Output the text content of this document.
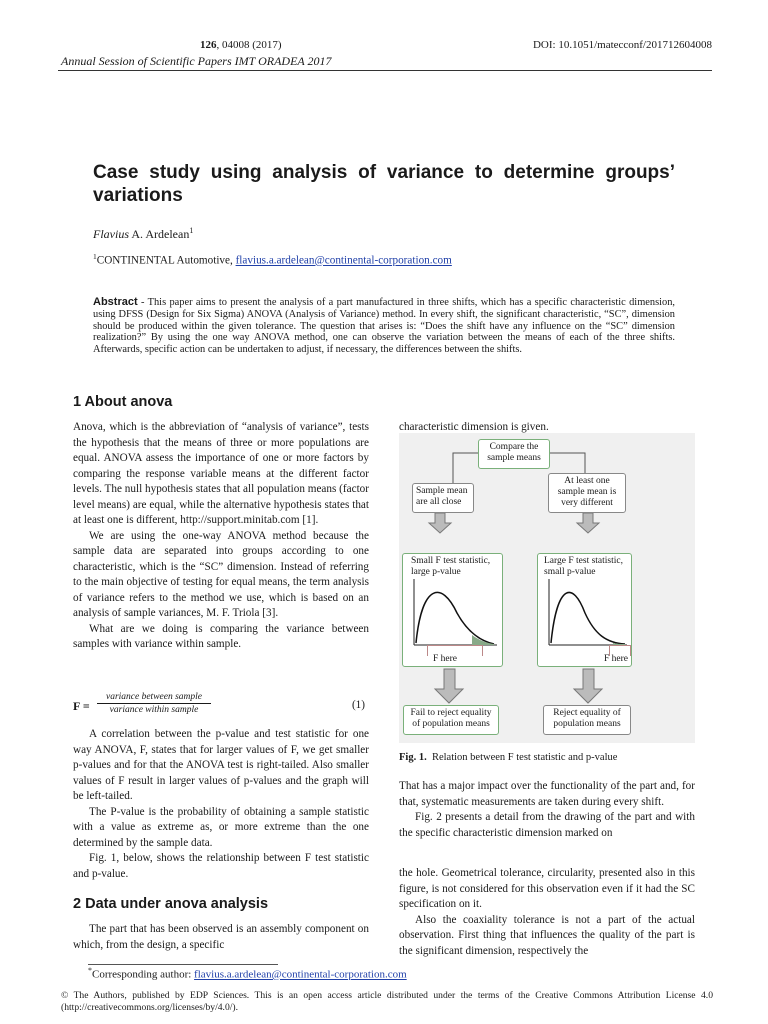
126, 04008 (2017)	DOI: 10.1051/matecconf/201712604008
Annual Session of Scientific Papers IMT ORADEA 2017
Case study using analysis of variance to determine groups’ variations
Flavius A. Ardelean$^1$
$^1$CONTINENTAL Automotive, flavius.a.ardelean@continental-corporation.com
Abstract - This paper aims to present the analysis of a part manufactured in three shifts, which has a specific characteristic dimension, using DFSS (Design for Six Sigma) ANOVA (Analysis of Variance) method. In every shift, the significant characteristic, “SC”, dimension should be produced within the given tolerance. The question that arises is: “Does the shift have any influence on the “SC” dimension realization?” By using the one way ANOVA method, one can observe the variation between the means of each of the three shifts. Afterwards, specific action can be undertaken to adjust, if necessary, the differences between the shifts.
1 About anova

Anova, which is the abbreviation of “analysis of variance”, tests the hypothesis that the means of three or more populations are equal. ANOVA assess the importance of one or more factors by comparing the response variable means at the different factor levels. The null hypothesis states that all population means (factor level means) are equal, while the alternative hypothesis states that at least one is different, http://support.minitab.com [1].

We are using the one-way ANOVA method because the sample data are separated into groups according to one characteristic, which is the “SC” dimension. Instead of referring to the main objective of testing for equal means, the term analysis of variance refers to the method we use, which is based on an analysis of sample variances, M. F. Triola [3].

What are we doing is comparing the variance between samples with variance within sample.

F =
variance between sample
variance within sample	(1)

A correlation between the p-value and test statistic for one way ANOVA, F, states that for larger values of F, we get smaller p-values and for that the ANOVA test is right-tailed. Also smaller values of F result in larger values of p-values and the graph will be left-tailed.

The P-value is the probability of obtaining a sample statistic with a value as extreme as, or more extreme than the one determined by the sample data.

Fig. 1, below, shows the relationship between F test statistic and p-value.

2 Data under anova analysis

The part that has been observed is an assembly component on which, from the design, a specific

characteristic dimension is given.
Compare the sample means
Sample mean are all close
At least one sample mean is very different
Small F test statistic, large p-value
F here
Large F test statistic, small p-value
F here
Fail to reject equality of population means
Reject equality of population means
Fig. 1. Relation between F test statistic and p-value

That has a major impact over the functionality of the part and, for that, systematic measurements are taken during every shift.

Fig. 2 presents a detail from the drawing of the part and with the specific characteristic dimension marked on

the hole. Geometrical tolerance, circularity, presented also in this figure, is not considered for this observation even if it had the SC specification on it.

Also the coaxiality tolerance is not a part of the actual observation. First thing that influences the quality of the part is the significant dimension, respectively the

*Corresponding author: flavius.a.ardelean@continental-corporation.com
© The Authors, published by EDP Sciences. This is an open access article distributed under the terms of the Creative Commons Attribution License 4.0 (http://creativecommons.org/licenses/by/4.0/).
